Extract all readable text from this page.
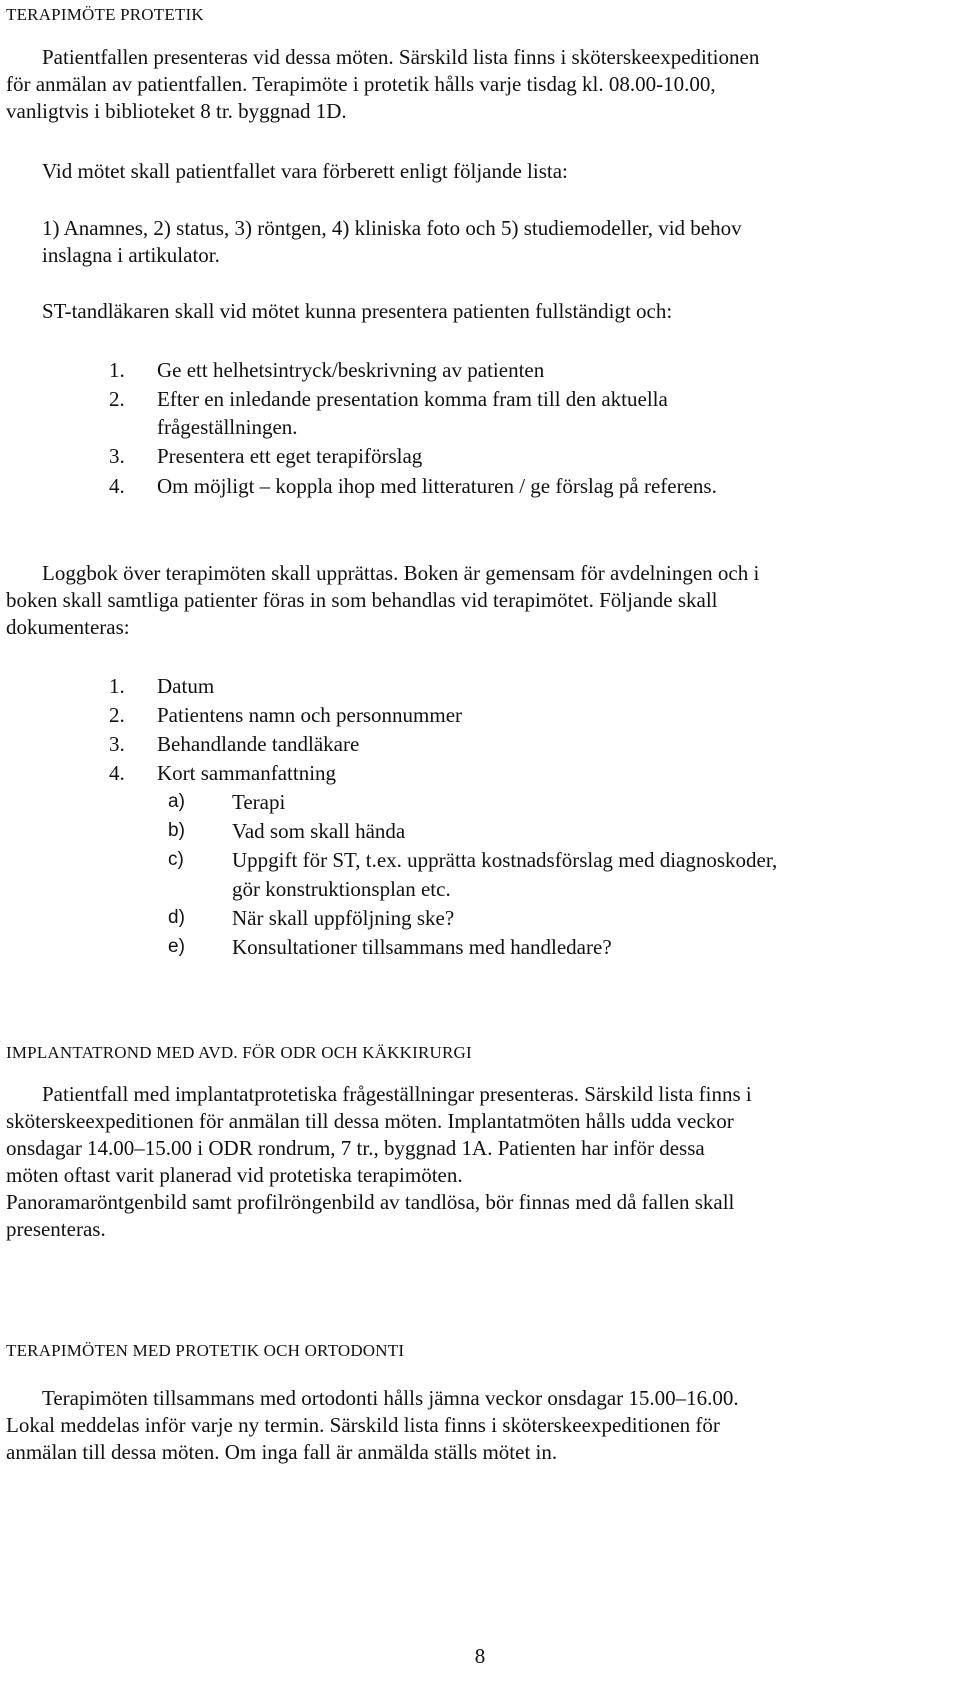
TERAPIMÖTE PROTETIK
Patientfallen presenteras vid dessa möten. Särskild lista finns i sköterskeexpeditionen
för anmälan av patientfallen. Terapimöte i protetik hålls varje tisdag kl. 08.00-10.00,
vanligtvis i biblioteket 8 tr. byggnad 1D.
Vid mötet skall patientfallet vara förberett enligt följande lista:
1) Anamnes, 2) status, 3) röntgen, 4) kliniska foto och 5) studiemodeller, vid behov
inslagna i artikulator.
ST-tandläkaren skall vid mötet kunna presentera patienten fullständigt och:
1. Ge ett helhetsintryck/beskrivning av patienten
2. Efter en inledande presentation komma fram till den aktuella
frågeställningen.
3. Presentera ett eget terapiförslag
4. Om möjligt – koppla ihop med litteraturen / ge förslag på referens.
Loggbok över terapimöten skall upprättas. Boken är gemensam för avdelningen och i
boken skall samtliga patienter föras in som behandlas vid terapimötet. Följande skall
dokumenteras:
1. Datum
2. Patientens namn och personnummer
3. Behandlande tandläkare
4. Kort sammanfattning
a) Terapi
b) Vad som skall hända
c) Uppgift för ST, t.ex. upprätta kostnadsförslag med diagnoskoder,
gör konstruktionsplan etc.
d) När skall uppföljning ske?
e) Konsultationer tillsammans med handledare?
IMPLANTATROND MED AVD. FÖR ODR OCH KÄKKIRURGI
Patientfall med implantatprotetiska frågeställningar presenteras. Särskild lista finns i
sköterskeexpeditionen för anmälan till dessa möten. Implantatmöten hålls udda veckor
onsdagar 14.00–15.00 i ODR rondrum, 7 tr., byggnad 1A. Patienten har inför dessa
möten oftast varit planerad vid protetiska terapimöten.
Panoramaröntgenbild samt profilröngenbild av tandlösa, bör finnas med då fallen skall
presenteras.
TERAPIMÖTEN MED PROTETIK OCH ORTODONTI
Terapimöten tillsammans med ortodonti hålls jämna veckor onsdagar 15.00–16.00.
Lokal meddelas inför varje ny termin. Särskild lista finns i sköterskeexpeditionen för
anmälan till dessa möten. Om inga fall är anmälda ställs mötet in.
8
